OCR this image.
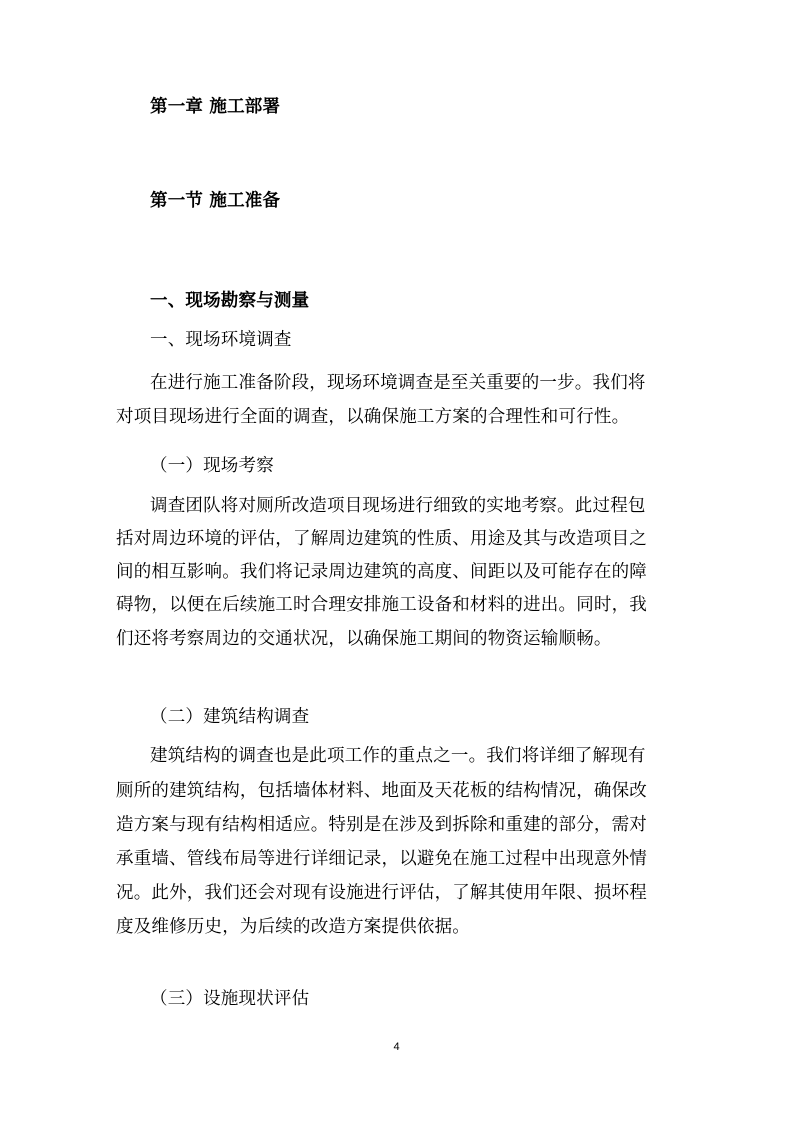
第一章 施工部署
第一节 施工准备
一、现场勘察与测量
一、现场环境调查
在进行施工准备阶段，现场环境调查是至关重要的一步。我们将
对项目现场进行全面的调查，以确保施工方案的合理性和可行性。
（一）现场考察
调查团队将对厕所改造项目现场进行细致的实地考察。此过程包
括对周边环境的评估，了解周边建筑的性质、用途及其与改造项目之
间的相互影响。我们将记录周边建筑的高度、间距以及可能存在的障
碍物，以便在后续施工时合理安排施工设备和材料的进出。同时，我
们还将考察周边的交通状况，以确保施工期间的物资运输顺畅。
（二）建筑结构调查
建筑结构的调查也是此项工作的重点之一。我们将详细了解现有
厕所的建筑结构，包括墙体材料、地面及天花板的结构情况，确保改
造方案与现有结构相适应。特别是在涉及到拆除和重建的部分，需对
承重墙、管线布局等进行详细记录，以避免在施工过程中出现意外情
况。此外，我们还会对现有设施进行评估，了解其使用年限、损坏程
度及维修历史，为后续的改造方案提供依据。
（三）设施现状评估
4
